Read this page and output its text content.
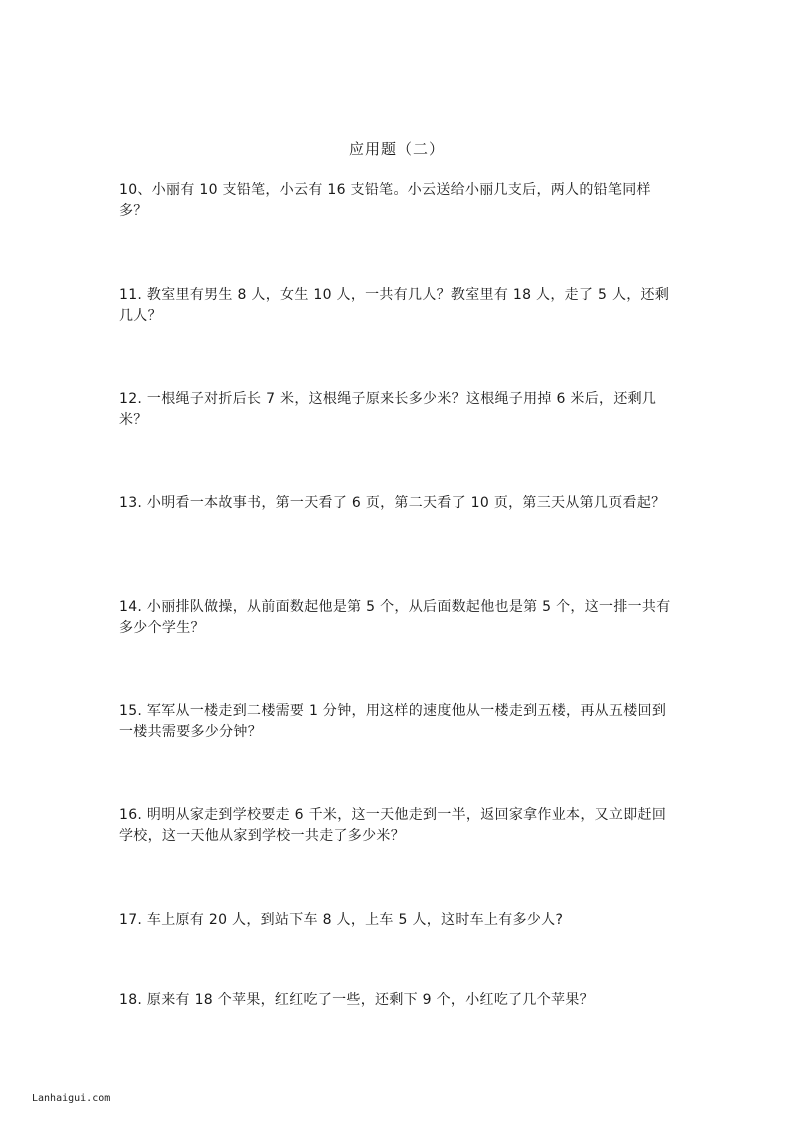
应用题（二）

10、小丽有 10 支铅笔，小云有 16 支铅笔。小云送给小丽几支后，两人的铅笔同样多？

11. 教室里有男生 8 人，女生 10 人，一共有几人？教室里有 18 人，走了 5 人，还剩几人？

12. 一根绳子对折后长 7 米，这根绳子原来长多少米？这根绳子用掉 6 米后，还剩几米？

13. 小明看一本故事书，第一天看了 6 页，第二天看了 10 页，第三天从第几页看起？

14. 小丽排队做操，从前面数起他是第 5 个，从后面数起他也是第 5 个，这一排一共有多少个学生？

15. 军军从一楼走到二楼需要 1 分钟，用这样的速度他从一楼走到五楼，再从五楼回到一楼共需要多少分钟？

16. 明明从家走到学校要走 6 千米，这一天他走到一半，返回家拿作业本，又立即赶回学校，这一天他从家到学校一共走了多少米？

17. 车上原有 20 人，到站下车 8 人，上车 5 人，这时车上有多少人?

18. 原来有 18 个苹果，红红吃了一些，还剩下 9 个，小红吃了几个苹果？

Lanhaigui.com
